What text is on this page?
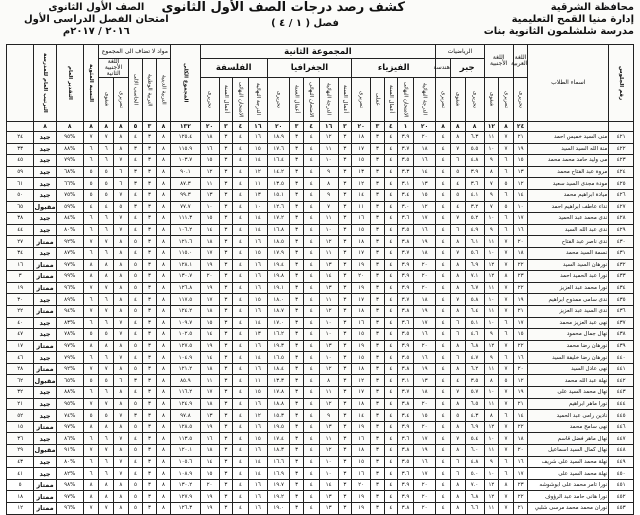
محافظة الشرقية
إدارة منيا القمح التعليمية
مدرسة شلشلمون الثانوية بنات
كشف رصد درجات الصف الأول الثانوى
فصل ( ١ / ٤ )
الصف الأول الثانوى
امتحان الفصل الدراسى الأول
٢٠١٦ / ٢٠١٧م
رقم الجلوس	اسماء الطلاب	اللغة العربية	اللغة الأجنبية		الرياضيات			المجموعة الثانية														المجموع الكلى	مواد لا تضاف الى المجموع					النسبة المئوية	التقدير العام	الترتيب العام للمدرسة	
					جبر		هندسة	الفيزياء					الجغرافيا					الفلسفة					التربية الدينية	التربية الوطنية	الحاسب الالى	اللغة الأجنبية الثانية					
		تحريرى	تحريرى	شفوى	تحريرى	شفوى	تحريرى	الدرجة النهائية	الامتحان النهائى	أعمال السنة	عملى	تحريرى	أعمال السنة	الدرجة النهائية	الامتحان النهائى	أعمال السنة	تحريرى	الدرجة النهائية	الامتحان النهائى	أعمال السنة	تحريرى					تحريرى	شفوى				
		٢٤	٨	١٢	٨	٨	٨	٢٠	١	٤	٣	٢٠	٣	١٦	٤	٣	٢٠	١٦	٤	٣	٢٠	١٣٢	٨	٣	٥	٨	٨	٨	٨	٨	
٤٢١	منى السيد خميس احمد	٢١	٧	١١	٦.٣	٨	٤	٢٠	٣.٩	٤	٣	١٨	٣	١٢	٤	٣	١٨.٩	١٦	٤	٣	١٨	١٢٥.٤	٨	٣	٤	٨	٧	٧	%٩٥	جيد	٢٤
٤٢٢	منة الله السيد السيد	١٩	٧	١٠	٥.٥	٧	٤	١٨	٣.٧	٤	٣	١٧	٣	١١	٤	٣	١٧.٦	١٥	٤	٣	١٦	١١٥.٩	٨	٣	٣	٨	٦	٦	%٨٨	جيد	٣٣
٤٢٣	مى وليد حامد محمد محمد	١٥	٦	٩	٤.٨	٦	٤	١٦	٣.٥	٤	٣	١٥	٣	١٠	٤	٣	١٦.٤	١٤	٤	٣	١٥	١٠٣.٧	٨	٣	٤	٧	٦	٦	%٧٩	جيد	٤٥
٤٢٤	مروة عبد الفتاح محمد	١٣	٦	٨	٣.٩	٥	٤	١٤	٣.٣	٤	٣	١٣	٣	٩	٤	٣	١٤.٢	١٢	٤	٣	١٢	٩٠.١	٨	٣	٣	٦	٥	٥	%٦٨	جيد	٥٩
٤٢٥	مودة مجدى السيد سعيد	١٢	٥	٧	٣.٦	٤	٤	١٣	٣.١	٤	٣	١٢	٣	٨	٤	٣	١٣.٥	١١	٤	٣	١١	٨٧.٣	٨	٣	٣	٦	٥	٥	%٦٦	جيد	٦١
٤٢٦	ميادة ابراهيم محمد	١٤	٦	٩	٤.١	٥	٤	١٥	٣.٤	٤	٣	١٤	٣	٩	٤	٣	١٥.١	١٣	٤	٣	١٣	٩٩.٣	٨	٣	٤	٧	٥	٥	%٧٥	جيد	٥٠
٤٢٧	نداء عاطف ابراهيم احمد	١٠	٥	٧	٣.٢	٤	٤	١٢	٣.٠	٤	٣	١١	٣	٧	٤	٣	١٢.٦	١٠	٤	٣	١٠	٧٧.٧	٨	٣	٣	٥	٤	٤	%٥٩	مقبول	٦٥
٤٢٨	ندى محمد عبد الحميد	١٧	٦	١٠	٥.٢	٧	٤	١٧	٣.٦	٤	٣	١٦	٣	١١	٤	٣	١٧.٢	١٤	٤	٣	١٥	١١١.٣	٨	٣	٤	٧	٦	٦	%٨٤	جيد	٣٨
٤٢٩	ندى عبد الله السيد	١٦	٦	٩	٤.٩	٦	٤	١٦	٣.٥	٤	٣	١٥	٣	١٠	٤	٣	١٦.٨	١٤	٤	٣	١٤	١٠٦.٢	٨	٣	٤	٧	٦	٦	%٨٠	جيد	٤٤
٤٣٠	ندى ناصر عبد الفتاح	٢٠	٧	١١	٦.١	٨	٤	١٩	٣.٨	٤	٣	١٨	٣	١٢	٤	٣	١٨.٥	١٦	٤	٣	١٨	١٢١.٦	٨	٣	٥	٨	٧	٧	%٩٢	ممتاز	٢٧
٤٣١	نسمة السيد محمد	١٨	٧	١٠	٥.٦	٧	٤	١٨	٣.٧	٤	٣	١٧	٣	١١	٤	٣	١٧.٩	١٥	٤	٣	١٧	١١٥.٠	٨	٣	٤	٨	٦	٦	%٨٧	جيد	٣٤
٤٣٢	نورهان السيد السيد	٢٢	٧	١٢	٦.٩	٨	٤	٢٠	٣.٩	٤	٣	١٩	٣	١٣	٤	٣	١٩.٤	١٦	٤	٣	١٩	١٢٨.١	٨	٣	٥	٨	٨	٨	%٩٧	ممتاز	١٦
٤٣٣	نورا عبد الحميد احمد	٢٣	٨	١٢	٧.١	٨	٤	٢٠	٣.٩	٤	٣	٢٠	٣	١٤	٤	٣	١٩.٨	١٦	٤	٣	٢٠	١٣٠.٧	٨	٣	٥	٨	٨	٨	%٩٩	ممتاز	٣
٤٣٤	نورا محمد عبد العزيز	٢٢	٧	١١	٦.٧	٨	٤	٢٠	٣.٩	٤	٣	١٩	٣	١٣	٤	٣	١٩.١	١٦	٤	٣	١٩	١٢٦.٨	٨	٣	٥	٨	٧	٧	%٩٦	ممتاز	١٩
٤٣٥	ندى سامى ممدوح ابراهيم	١٩	٧	١٠	٥.٨	٧	٤	١٨	٣.٧	٤	٣	١٧	٣	١١	٤	٣	١٨.٠	١٥	٤	٣	١٧	١١٧.٥	٨	٣	٤	٨	٦	٦	%٨٩	جيد	٣٠
٤٣٦	ندى السيد عبد العزيز	٢١	٧	١١	٦.٤	٨	٤	١٩	٣.٨	٤	٣	١٨	٣	١٢	٤	٣	١٨.٧	١٦	٤	٣	١٨	١٢٤.٢	٨	٣	٥	٨	٧	٧	%٩٤	ممتاز	٢٢
٤٣٧	نهى عبد العزيز محمد	١٧	٦	١٠	٥.١	٦	٤	١٧	٣.٦	٤	٣	١٦	٣	١٠	٤	٣	١٧.٠	١٤	٤	٣	١٥	١٠٩.٧	٨	٣	٤	٧	٦	٦	%٨٣	جيد	٤٠
٤٣٨	نهال جمال محمود	١٥	٦	٩	٤.٦	٦	٤	١٦	٣.٥	٤	٣	١٥	٣	١٠	٤	٣	١٦.٢	١٣	٤	٣	١٤	١٠٢.٥	٨	٣	٤	٧	٥	٥	%٧٨	جيد	٤٧
٤٣٩	نورهان رضا محمد	٢٢	٧	١٢	٦.٨	٨	٤	٢٠	٣.٩	٤	٣	١٩	٣	١٣	٤	٣	١٩.٣	١٦	٤	٣	١٩	١٢٧.٥	٨	٣	٥	٨	٨	٨	%٩٧	ممتاز	١٧
٤٤٠	نورهان رضا خليفة السيد	١٦	٦	٩	٤.٧	٦	٤	١٦	٣.٥	٤	٣	١٥	٣	١٠	٤	٣	١٦.٥	١٤	٤	٣	١٤	١٠٤.٩	٨	٣	٤	٧	٦	٦	%٧٩	جيد	٤٦
٤٤١	نهى عادل السيد	٢٠	٧	١١	٦.٢	٨	٤	١٩	٣.٨	٤	٣	١٨	٣	١٢	٤	٣	١٨.٤	١٦	٤	٣	١٨	١٢١.٢	٨	٣	٥	٨	٧	٧	%٩٢	ممتاز	٢٨
٤٤٢	نهلة عبد الله محمد	١٢	٥	٨	٣.٥	٤	٤	١٣	٣.١	٤	٣	١٢	٣	٨	٤	٣	١٣.٣	١١	٤	٣	١١	٨٥.٩	٨	٣	٣	٦	٥	٥	%٦٥	مقبول	٦٢
٤٤٣	نهال محمد السيد على	١٩	٧	١٠	٥.٧	٧	٤	١٨	٣.٧	٤	٣	١٧	٣	١١	٤	٣	١٧.٨	١٥	٤	٣	١٧	١١٦.٢	٨	٣	٤	٨	٦	٦	%٨٨	جيد	٣٢
٤٤٤	نورا ماهر ابراهيم	٢١	٧	١١	٦.٥	٨	٤	٢٠	٣.٨	٤	٣	١٨	٣	١٢	٤	٣	١٨.٨	١٦	٤	٣	١٨	١٢٤.٩	٨	٣	٥	٨	٧	٧	%٩٥	جيد	٢١
٤٤٥	نادين رامى عبد الحميد	١٤	٦	٨	٤.٣	٥	٤	١٥	٣.٤	٤	٣	١٤	٣	٩	٤	٣	١٥.٣	١٢	٤	٣	١٣	٩٧.٨	٨	٣	٣	٧	٥	٥	%٧٤	جيد	٥٢
٤٤٦	نهى سامح محمد	٢٢	٧	١٢	٦.٩	٨	٤	٢٠	٣.٩	٤	٣	١٩	٣	١٣	٤	٣	١٩.٥	١٦	٤	٣	١٩	١٢٨.٥	٨	٣	٥	٨	٨	٨	%٩٧	ممتاز	١٥
٤٤٧	نهال ماهر فضل قاسم	١٨	٧	١٠	٥.٤	٧	٤	١٧	٣.٦	٤	٣	١٦	٣	١١	٤	٣	١٧.٤	١٥	٤	٣	١٦	١١٣.٥	٨	٣	٤	٧	٦	٦	%٨٦	جيد	٣٦
٤٤٨	نهال كمال السيد اسماعيل	٢٠	٧	١١	٦.٠	٨	٤	١٩	٣.٨	٤	٣	١٨	٣	١٢	٤	٣	١٨.٣	١٦	٤	٣	١٨	١٢٠.١	٨	٣	٥	٨	٧	٧	%٩١	مقبول	٢٩
٤٤٩	نهلة محمد السيد على شريف	١٦	٦	٩	٤.٨	٦	٤	١٦	٣.٥	٤	٣	١٥	٣	١٠	٤	٣	١٦.٦	١٤	٤	٣	١٤	١٠٥.٦	٨	٣	٤	٧	٦	٦	%٨٠	جيد	٤٣
٤٥٠	نهلة محمد السيد على	١٧	٦	١٠	٥.٠	٦	٤	١٧	٣.٦	٤	٣	١٦	٣	١٠	٤	٣	١٦.٩	١٤	٤	٣	١٥	١٠٨.٩	٨	٣	٤	٧	٦	٦	%٨٢	جيد	٤١
٤٥١	نورا تامر محمد على ابوشوشه	٢٣	٨	١٢	٧.٠	٨	٤	٢٠	٣.٩	٤	٣	٢٠	٣	١٤	٤	٣	١٩.٧	١٦	٤	٣	٢٠	١٣٠.٢	٨	٣	٥	٨	٨	٨	%٩٨	ممتاز	٥
٤٥٢	نورا هانى حامد عبد الرؤوف	٢٢	٧	١٢	٦.٨	٨	٤	٢٠	٣.٩	٤	٣	١٩	٣	١٣	٤	٣	١٩.٢	١٦	٤	٣	١٩	١٢٧.٩	٨	٣	٥	٨	٨	٨	%٩٧	ممتاز	١٨
٤٥٣	نوران محمد محمد مرسى شلبي	٢١	٧	١١	٦.٦	٨	٤	٢٠	٣.٨	٤	٣	١٩	٣	١٣	٤	٣	١٩.٠	١٦	٤	٣	١٩	١٢٦.٣	٨	٣	٥	٨	٧	٧	%٩٦	ممتاز	١٢
